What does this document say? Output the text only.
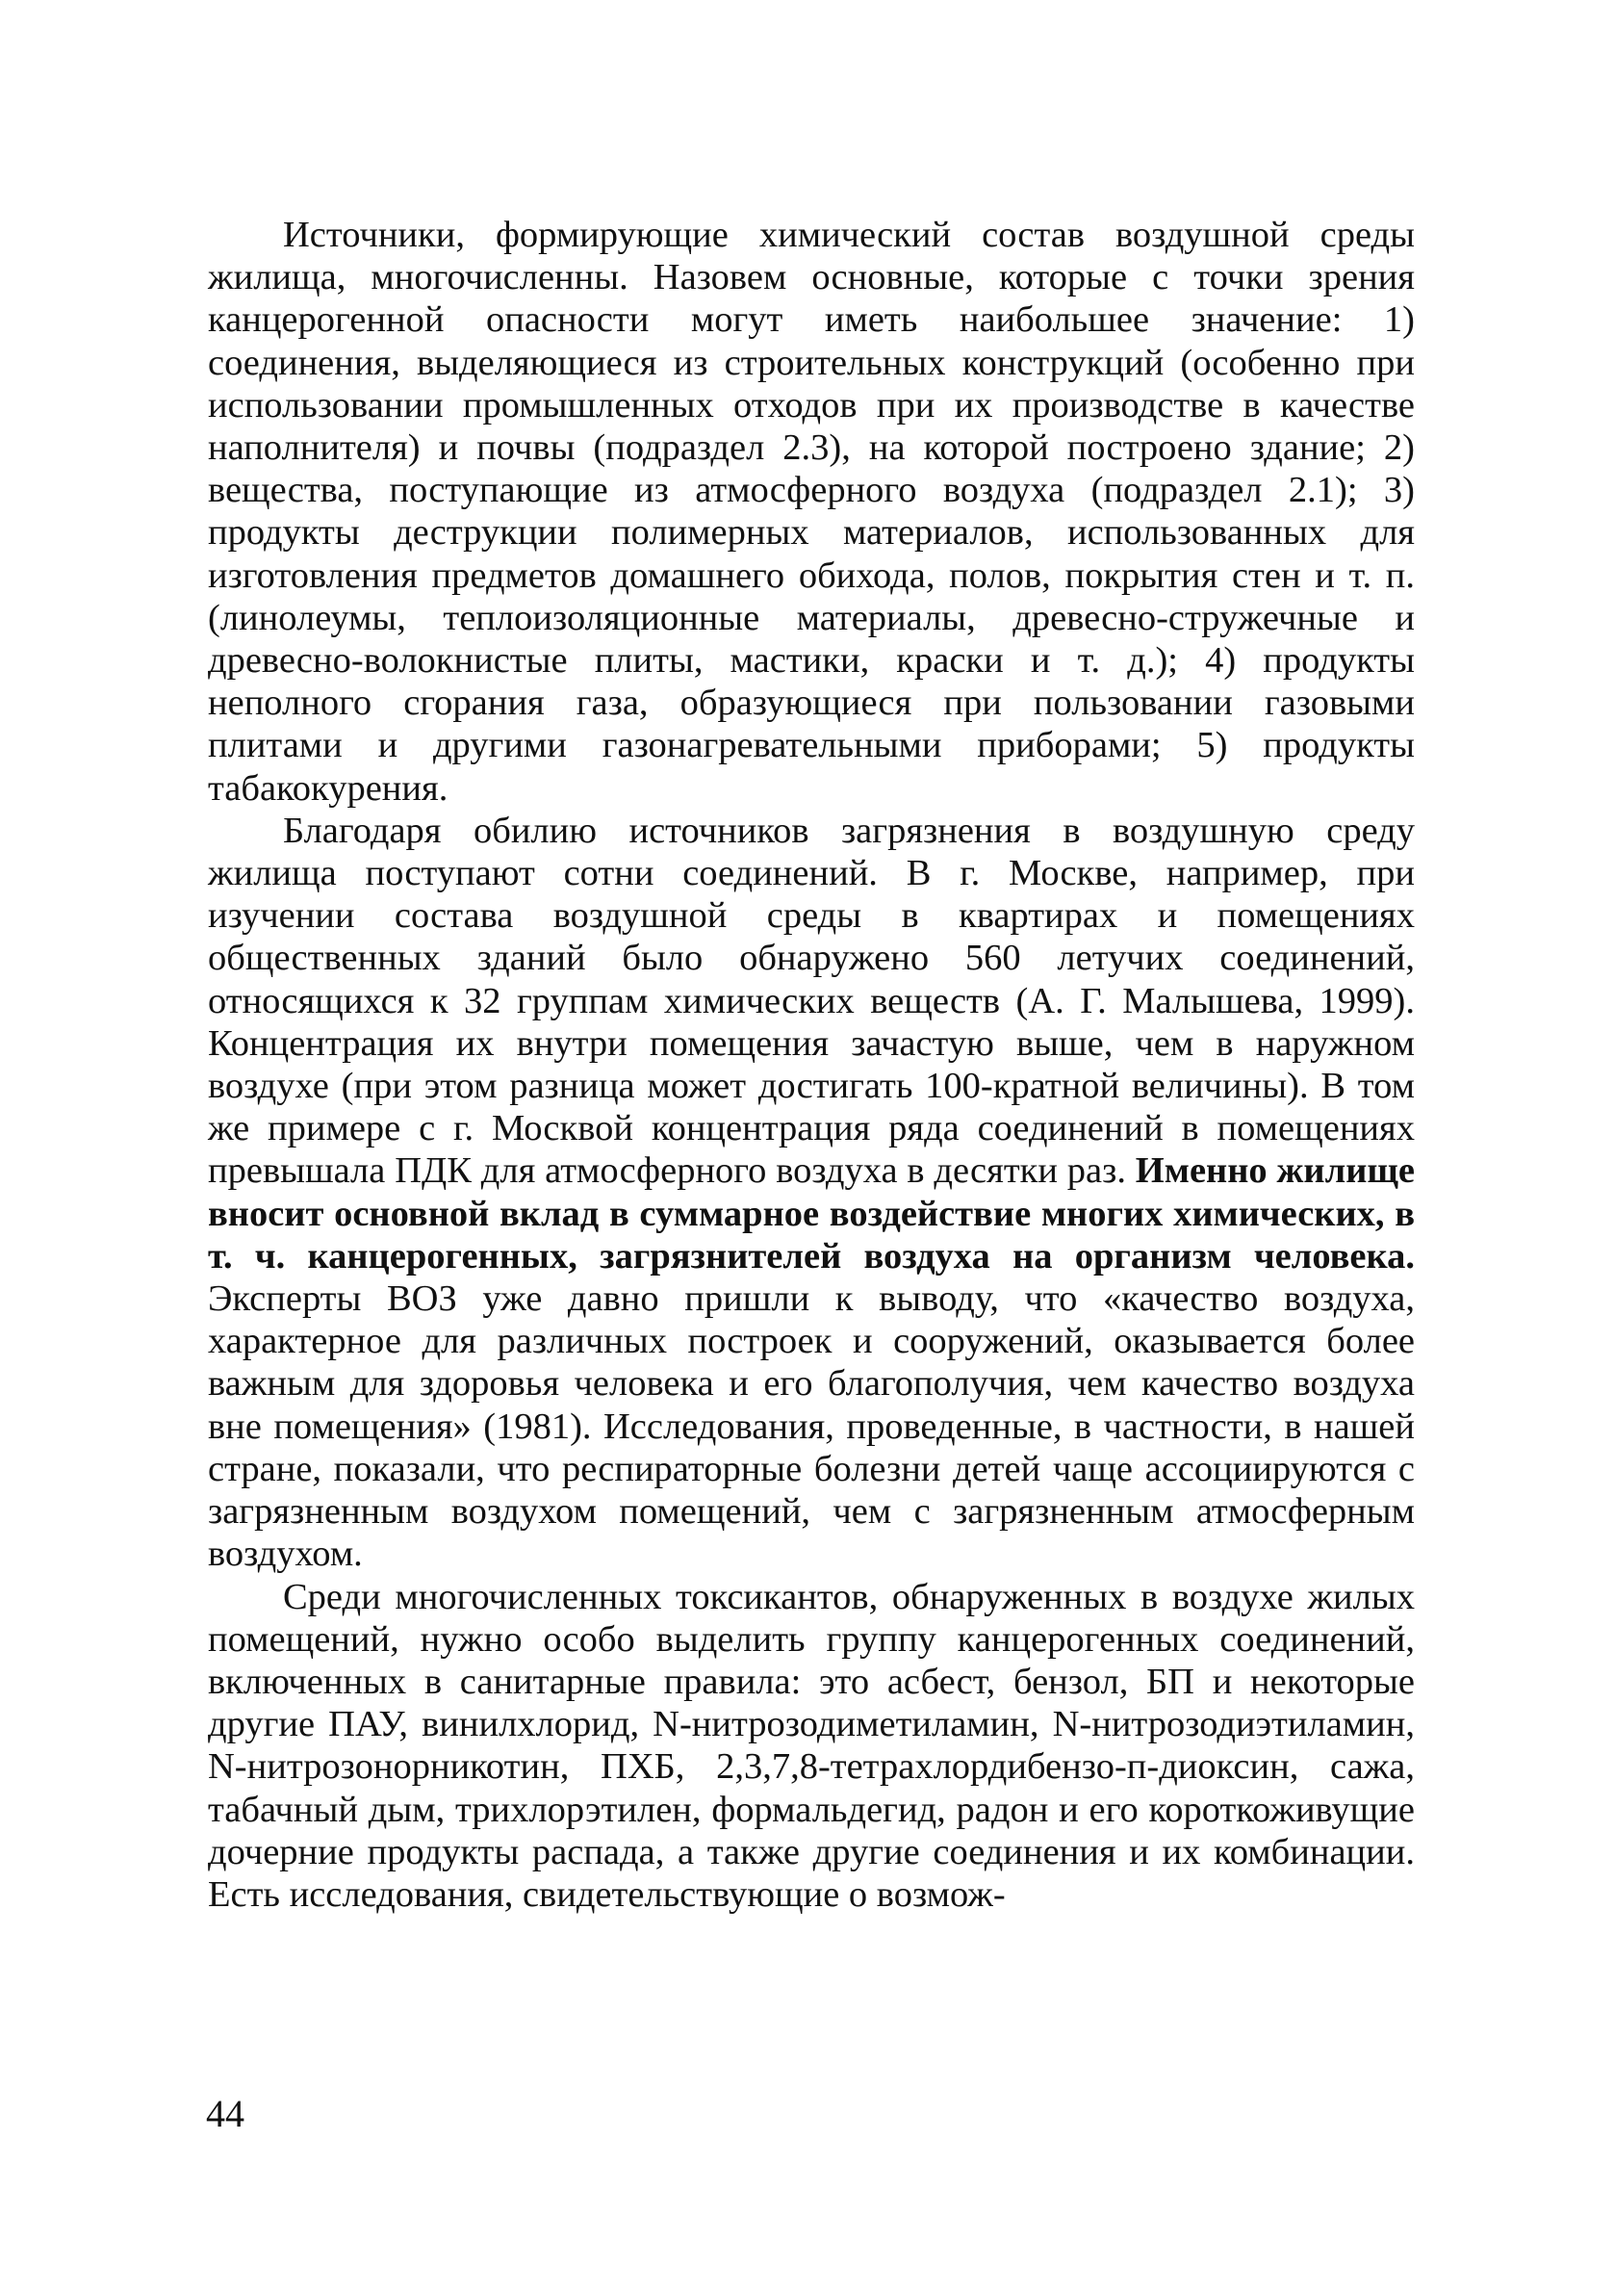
Источники, формирующие химический состав воздушной среды жилища, многочисленны. Назовем основные, которые с точки зрения канцерогенной опасности могут иметь наибольшее значение: 1) соединения, выделяющиеся из строительных конструкций (особенно при использовании промышленных отходов при их производстве в качестве наполнителя) и почвы (подраздел 2.3), на которой построено здание; 2) вещества, поступающие из атмосферного воздуха (подраздел 2.1); 3) продукты деструкции полимерных материалов, использованных для изготовления предметов домашнего обихода, полов, покрытия стен и т. п. (линолеумы, теплоизоляционные материалы, древесно-стружечные и древесно-волокнистые плиты, мастики, краски и т. д.); 4) продукты неполного сгорания газа, образующиеся при пользовании газовыми плитами и другими газонагревательными приборами; 5) продукты табакокурения.

Благодаря обилию источников загрязнения в воздушную среду жилища поступают сотни соединений. В г. Москве, например, при изучении состава воздушной среды в квартирах и помещениях общественных зданий было обнаружено 560 летучих соединений, относящихся к 32 группам химических веществ (А. Г. Малышева, 1999). Концентрация их внутри помещения зачастую выше, чем в наружном воздухе (при этом разница может достигать 100-кратной величины). В том же примере с г. Москвой концентрация ряда соединений в помещениях превышала ПДК для атмосферного воздуха в десятки раз. Именно жилище вносит основной вклад в суммарное воздействие многих химических, в т. ч. канцерогенных, загрязнителей воздуха на организм человека. Эксперты ВОЗ уже давно пришли к выводу, что «качество воздуха, характерное для различных построек и сооружений, оказывается более важным для здоровья человека и его благополучия, чем качество воздуха вне помещения» (1981). Исследования, проведенные, в частности, в нашей стране, показали, что респираторные болезни детей чаще ассоциируются с загрязненным воздухом помещений, чем с загрязненным атмосферным воздухом.

Среди многочисленных токсикантов, обнаруженных в воздухе жилых помещений, нужно особо выделить группу канцерогенных соединений, включенных в санитарные правила: это асбест, бензол, БП и некоторые другие ПАУ, винилхлорид, N-нитрозодиметиламин, N-нитрозодиэтиламин, N-нитрозонорникотин, ПХБ, 2,3,7,8-тетрахлордибензо-п-диоксин, сажа, табачный дым, трихлорэтилен, формальдегид, радон и его короткоживущие дочерние продукты распада, а также другие соединения и их комбинации. Есть исследования, свидетельствующие о возмож-

44
